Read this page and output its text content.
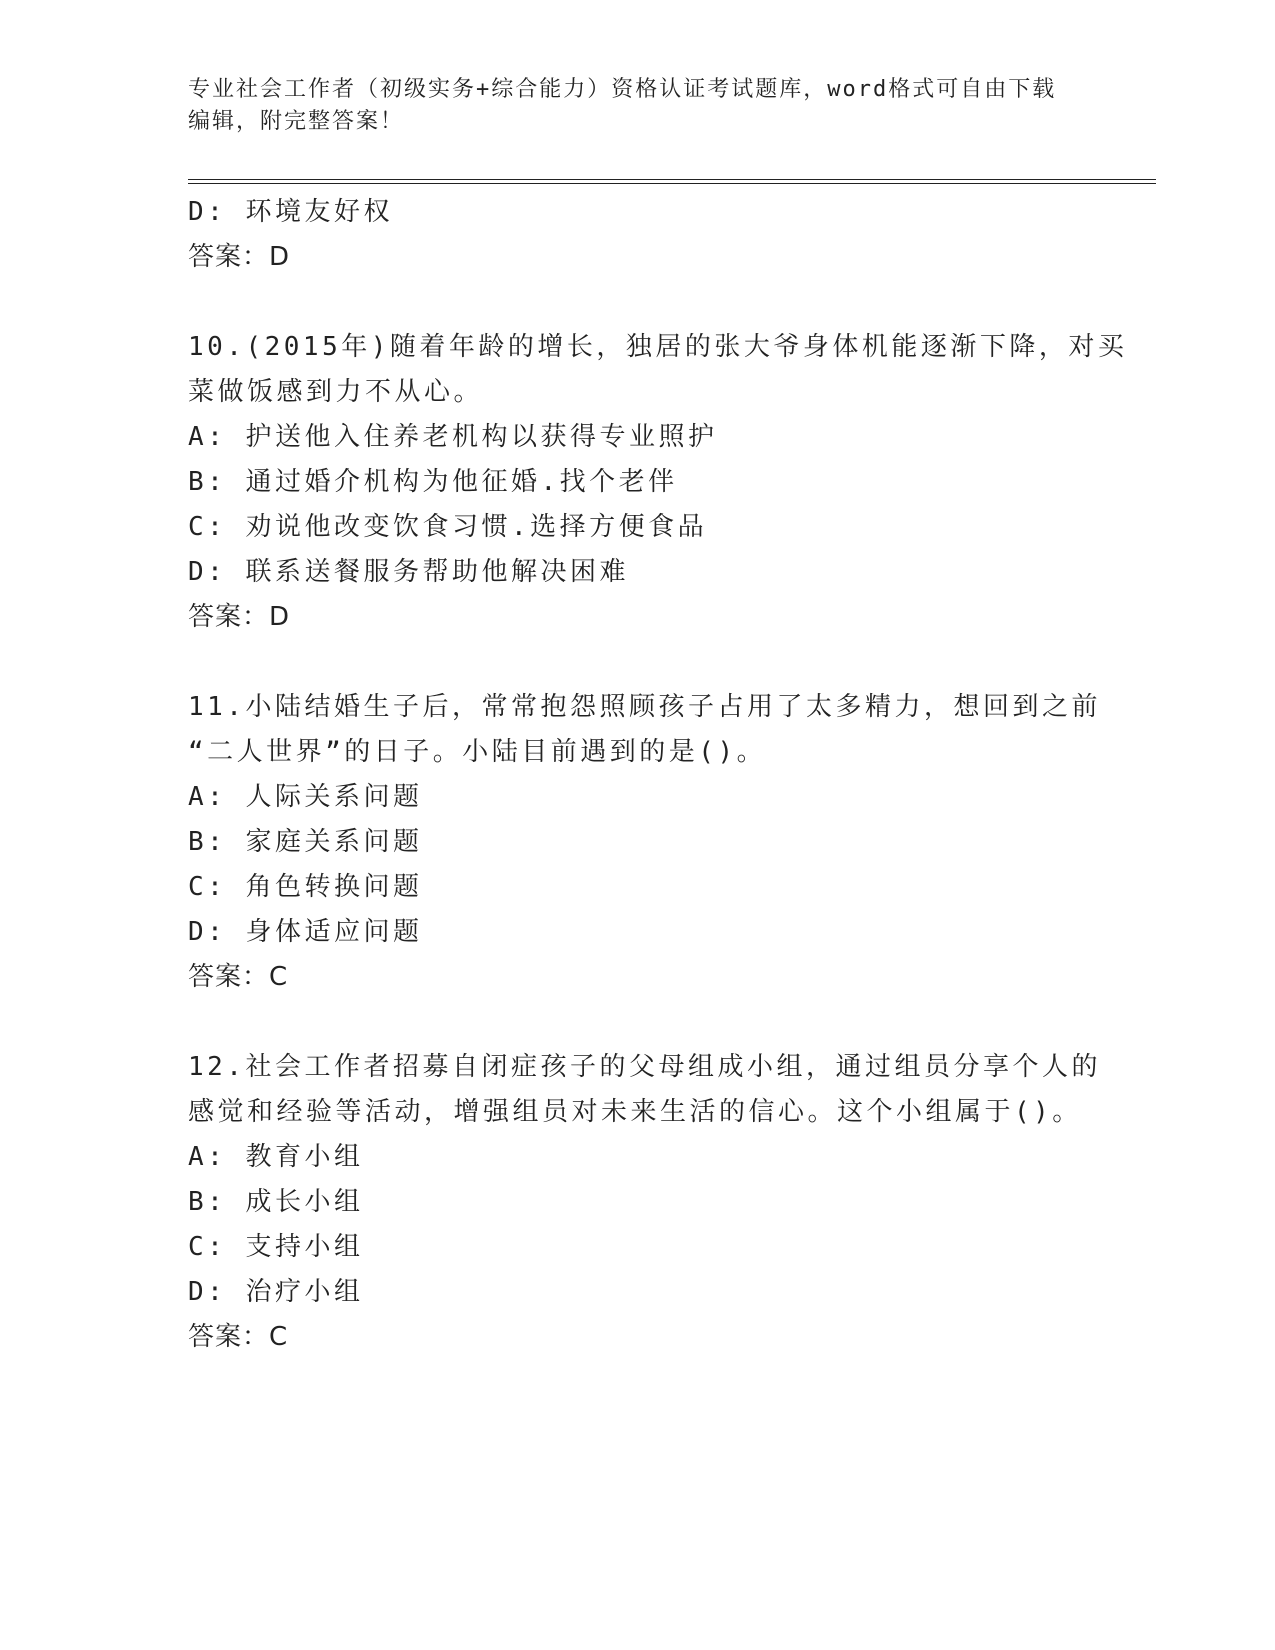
专业社会工作者（初级实务+综合能力）资格认证考试题库，word格式可自由下载
编辑，附完整答案！
D: 环境友好权
答案：D
10.(2015年)随着年龄的增长，独居的张大爷身体机能逐渐下降，对买
菜做饭感到力不从心。
A: 护送他入住养老机构以获得专业照护
B: 通过婚介机构为他征婚.找个老伴
C: 劝说他改变饮食习惯.选择方便食品
D: 联系送餐服务帮助他解决困难
答案：D
11.小陆结婚生子后，常常抱怨照顾孩子占用了太多精力，想回到之前
“二人世界”的日子。小陆目前遇到的是()。
A: 人际关系问题
B: 家庭关系问题
C: 角色转换问题
D: 身体适应问题
答案：C
12.社会工作者招募自闭症孩子的父母组成小组，通过组员分享个人的
感觉和经验等活动，增强组员对未来生活的信心。这个小组属于()。
A: 教育小组
B: 成长小组
C: 支持小组
D: 治疗小组
答案：C
